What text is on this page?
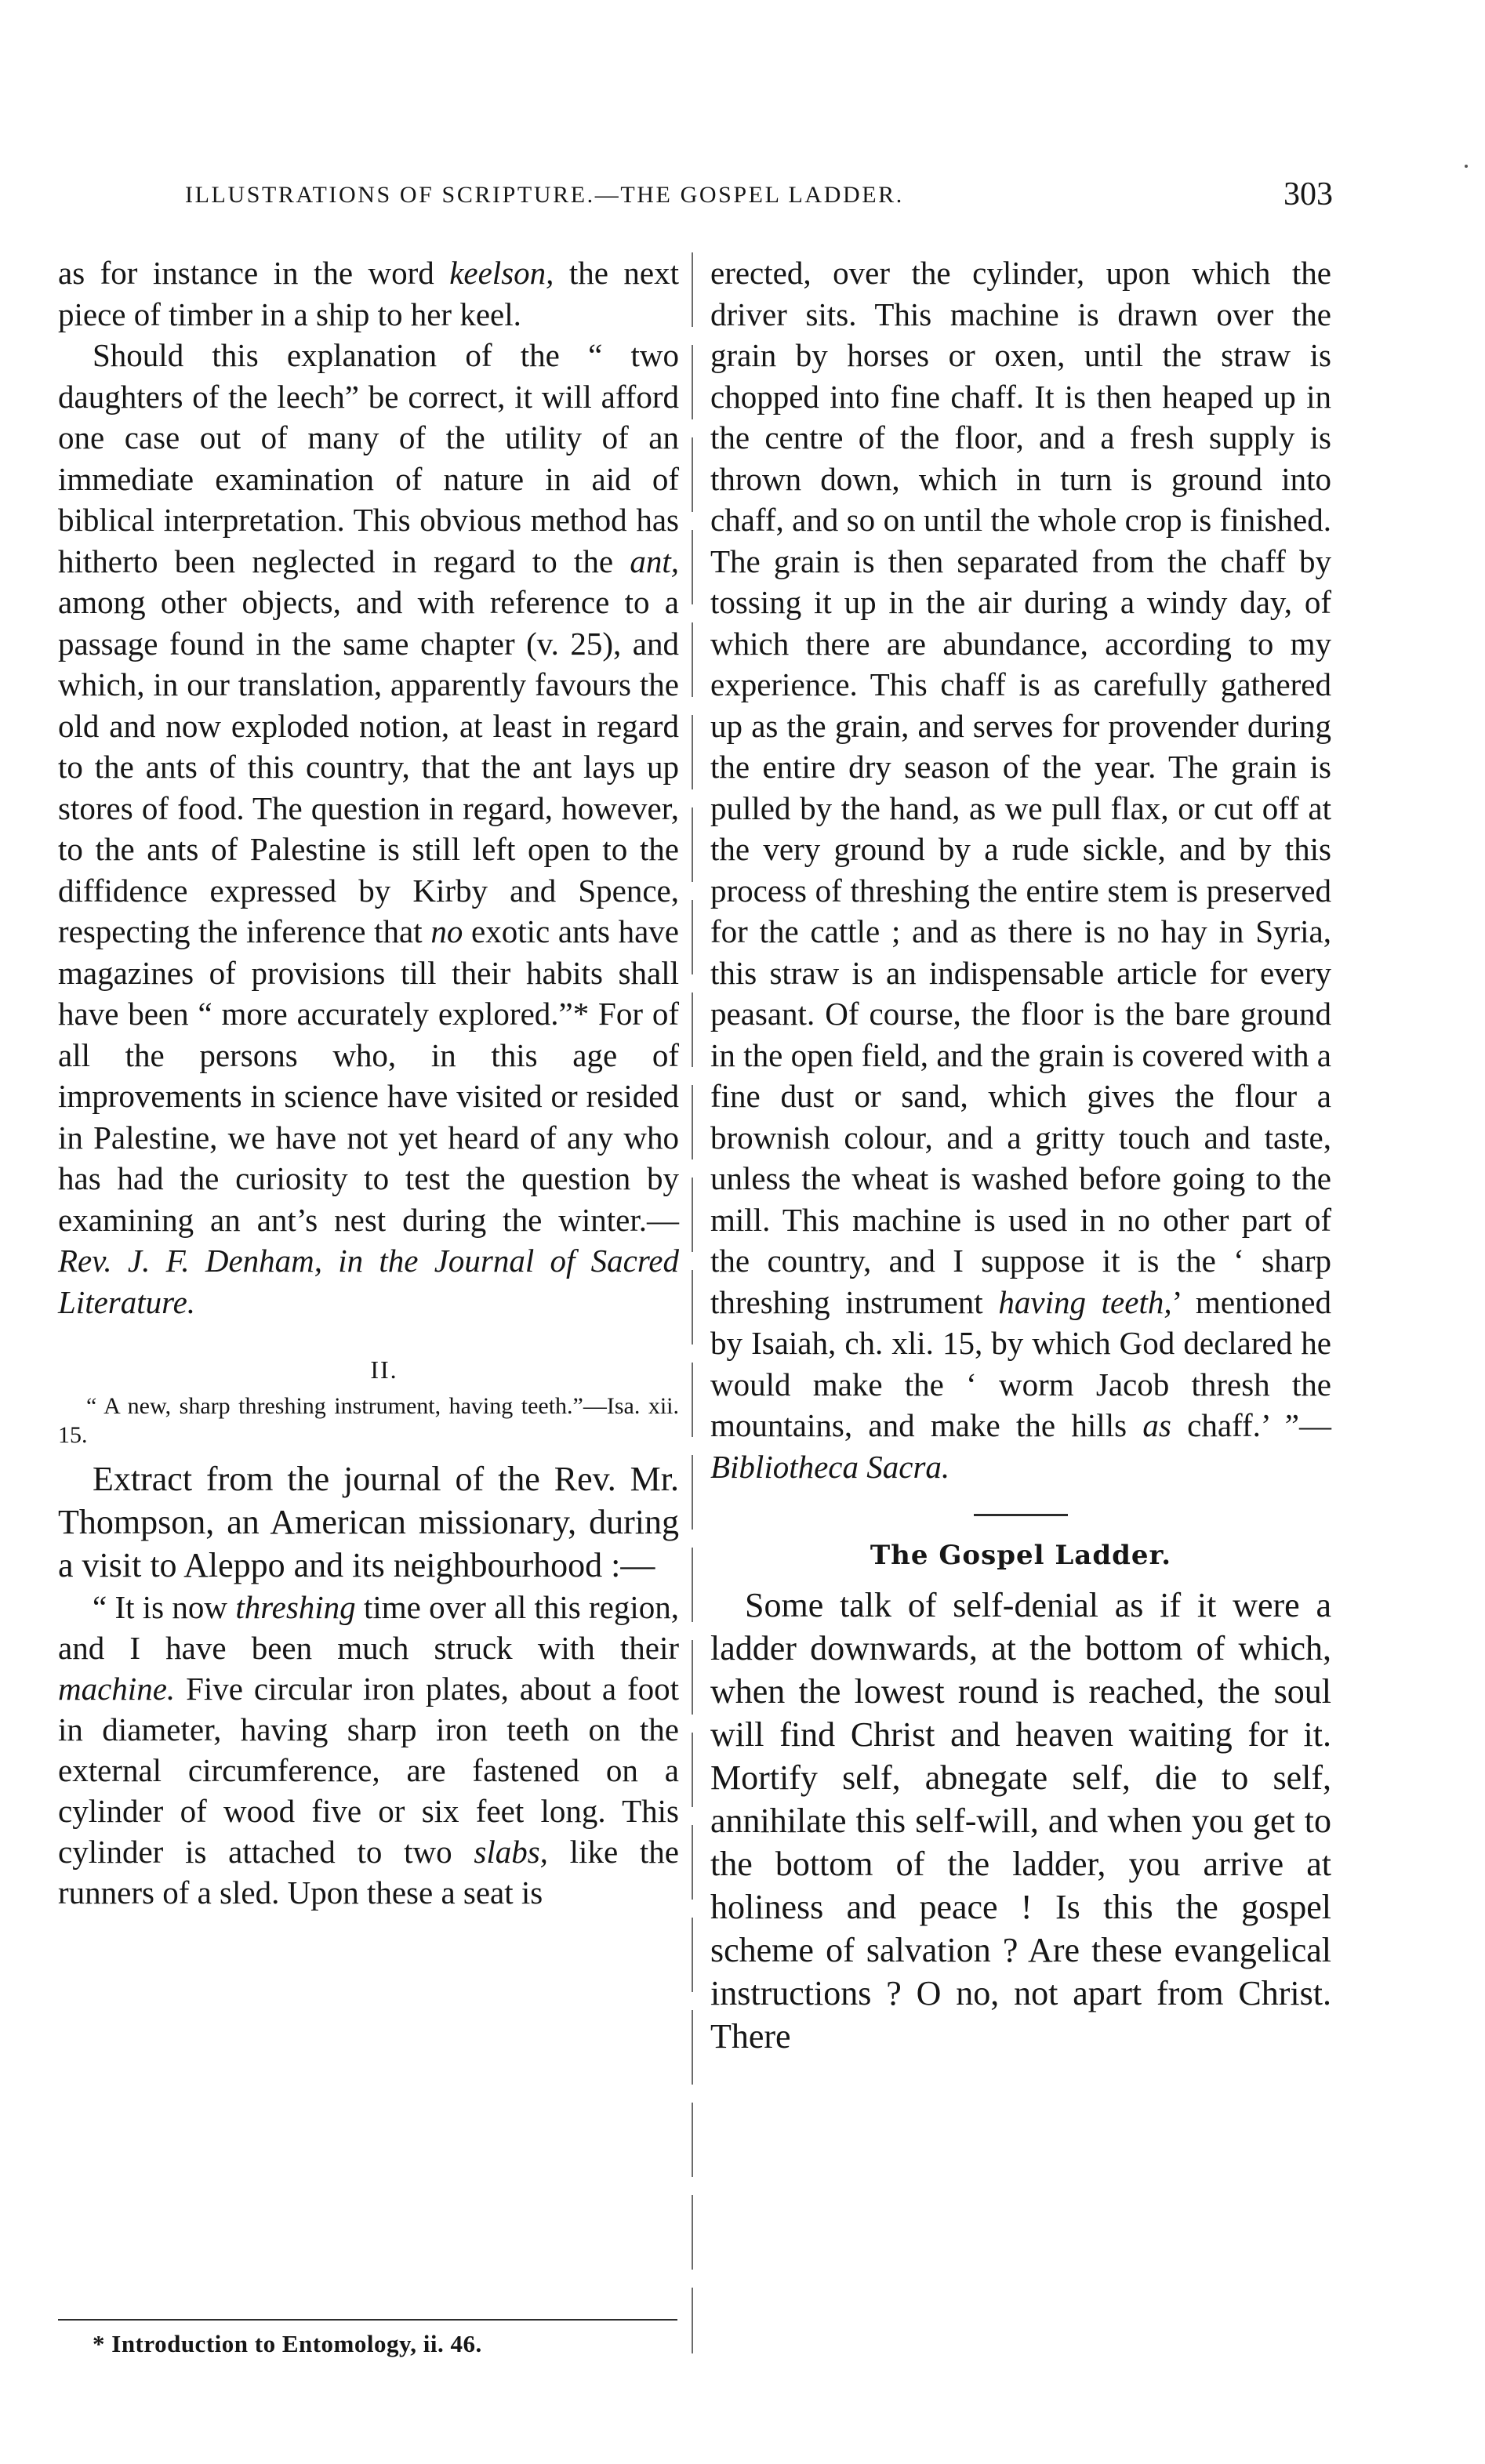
ILLUSTRATIONS OF SCRIPTURE.—THE GOSPEL LADDER.	303

as for instance in the word keelson, the next piece of timber in a ship to her keel.

Should this explanation of the “ two daughters of the leech” be correct, it will afford one case out of many of the utility of an immediate examination of nature in aid of biblical interpretation. This obvious method has hitherto been neglected in regard to the ant, among other objects, and with reference to a passage found in the same chapter (v. 25), and which, in our translation, apparently favours the old and now exploded notion, at least in regard to the ants of this country, that the ant lays up stores of food. The question in regard, however, to the ants of Palestine is still left open to the diffidence expressed by Kirby and Spence, respecting the inference that no exotic ants have magazines of provisions till their habits shall have been “ more accurately explored.”* For of all the persons who, in this age of improvements in science have visited or resided in Palestine, we have not yet heard of any who has had the curiosity to test the question by examining an ant’s nest during the winter.—Rev. J. F. Denham, in the Journal of Sacred Literature.

II.

“ A new, sharp threshing instrument, having teeth.”—Isa. xii. 15.

Extract from the journal of the Rev. Mr. Thompson, an American missionary, during a visit to Aleppo and its neighbourhood :—

“ It is now threshing time over all this region, and I have been much struck with their machine. Five circular iron plates, about a foot in diameter, having sharp iron teeth on the external circumference, are fastened on a cylinder of wood five or six feet long. This cylinder is attached to two slabs, like the runners of a sled. Upon these a seat is

erected, over the cylinder, upon which the driver sits. This machine is drawn over the grain by horses or oxen, until the straw is chopped into fine chaff. It is then heaped up in the centre of the floor, and a fresh supply is thrown down, which in turn is ground into chaff, and so on until the whole crop is finished. The grain is then separated from the chaff by tossing it up in the air during a windy day, of which there are abundance, according to my experience. This chaff is as carefully gathered up as the grain, and serves for provender during the entire dry season of the year. The grain is pulled by the hand, as we pull flax, or cut off at the very ground by a rude sickle, and by this process of threshing the entire stem is preserved for the cattle ; and as there is no hay in Syria, this straw is an indispensable article for every peasant. Of course, the floor is the bare ground in the open field, and the grain is covered with a fine dust or sand, which gives the flour a brownish colour, and a gritty touch and taste, unless the wheat is washed before going to the mill. This machine is used in no other part of the country, and I suppose it is the ‘ sharp threshing instrument having teeth,’ mentioned by Isaiah, ch. xli. 15, by which God declared he would make the ‘ worm Jacob thresh the mountains, and make the hills as chaff.’ ”—Bibliotheca Sacra.

The Gospel Ladder.

Some talk of self-denial as if it were a ladder downwards, at the bottom of which, when the lowest round is reached, the soul will find Christ and heaven waiting for it. Mortify self, abnegate self, die to self, annihilate this self-will, and when you get to the bottom of the ladder, you arrive at holiness and peace ! Is this the gospel scheme of salvation ? Are these evangelical instructions ? O no, not apart from Christ. There

* Introduction to Entomology, ii. 46.
